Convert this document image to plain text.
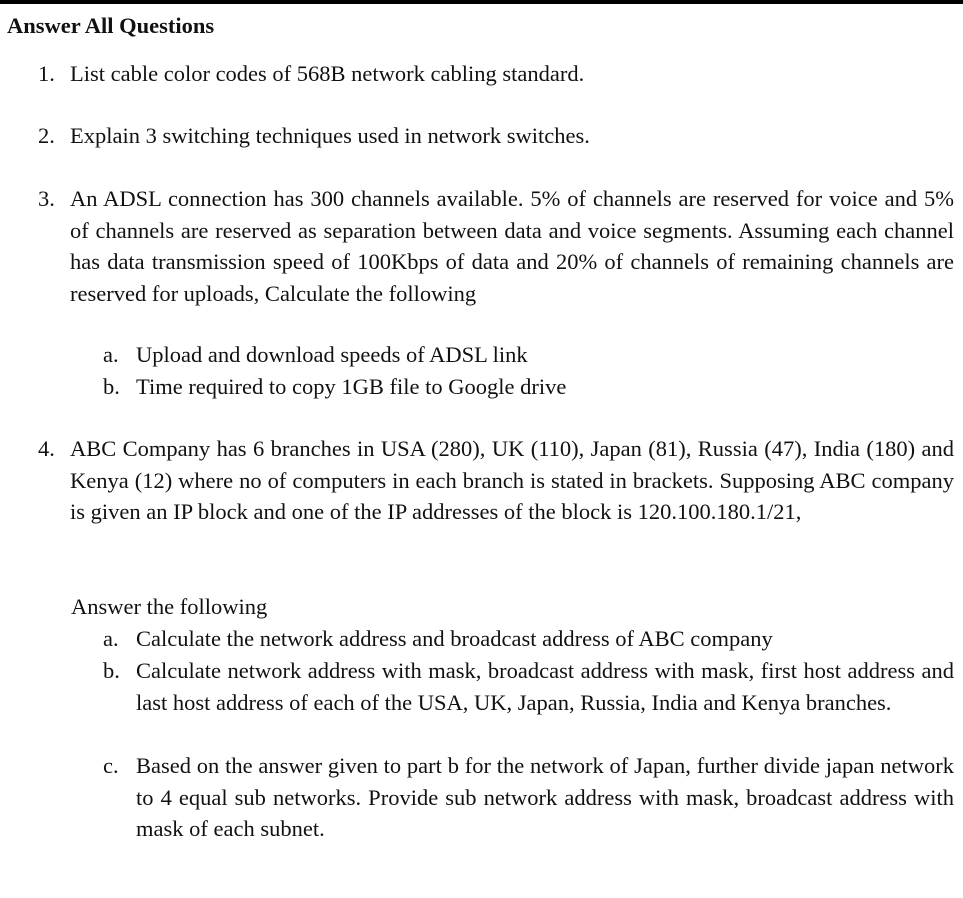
Answer All Questions
1. List cable color codes of 568B network cabling standard.
2. Explain 3 switching techniques used in network switches.
3. An ADSL connection has 300 channels available. 5% of channels are reserved for voice and 5% of channels are reserved as separation between data and voice segments. Assuming each channel has data transmission speed of 100Kbps of data and 20% of channels of remaining channels are reserved for uploads, Calculate the following
a. Upload and download speeds of ADSL link
b. Time required to copy 1GB file to Google drive
4. ABC Company has 6 branches in USA (280), UK (110), Japan (81), Russia (47), India (180) and Kenya (12) where no of computers in each branch is stated in brackets. Supposing ABC company is given an IP block and one of the IP addresses of the block is 120.100.180.1/21,
Answer the following
a. Calculate the network address and broadcast address of ABC company
b. Calculate network address with mask, broadcast address with mask, first host address and last host address of each of the USA, UK, Japan, Russia, India and Kenya branches.
c. Based on the answer given to part b for the network of Japan, further divide japan network to 4 equal sub networks. Provide sub network address with mask, broadcast address with mask of each subnet.
